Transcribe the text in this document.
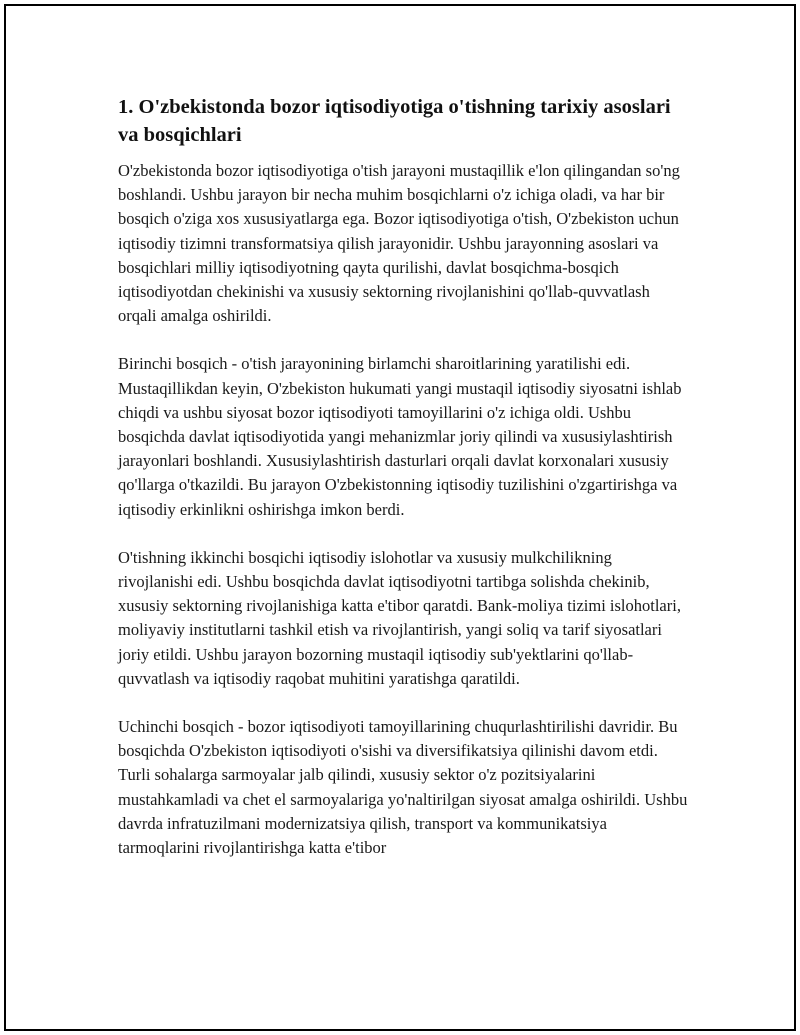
1. O'zbekistonda bozor iqtisodiyotiga o'tishning tarixiy asoslari va bosqichlari

O'zbekistonda bozor iqtisodiyotiga o'tish jarayoni mustaqillik e'lon qilingandan so'ng boshlandi. Ushbu jarayon bir necha muhim bosqichlarni o'z ichiga oladi, va har bir bosqich o'ziga xos xususiyatlarga ega. Bozor iqtisodiyotiga o'tish, O'zbekiston uchun iqtisodiy tizimni transformatsiya qilish jarayonidir. Ushbu jarayonning asoslari va bosqichlari milliy iqtisodiyotning qayta qurilishi, davlat bosqichma-bosqich iqtisodiyotdan chekinishi va xususiy sektorning rivojlanishini qo'llab-quvvatlash orqali amalga oshirildi.

Birinchi bosqich - o'tish jarayonining birlamchi sharoitlarining yaratilishi edi. Mustaqillikdan keyin, O'zbekiston hukumati yangi mustaqil iqtisodiy siyosatni ishlab chiqdi va ushbu siyosat bozor iqtisodiyoti tamoyillarini o'z ichiga oldi. Ushbu bosqichda davlat iqtisodiyotida yangi mehanizmlar joriy qilindi va xususiylashtirish jarayonlari boshlandi. Xususiylashtirish dasturlari orqali davlat korxonalari xususiy qo'llarga o'tkazildi. Bu jarayon O'zbekistonning iqtisodiy tuzilishini o'zgartirishga va iqtisodiy erkinlikni oshirishga imkon berdi.

O'tishning ikkinchi bosqichi iqtisodiy islohotlar va xususiy mulkchilikning rivojlanishi edi. Ushbu bosqichda davlat iqtisodiyotni tartibga solishda chekinib, xususiy sektorning rivojlanishiga katta e'tibor qaratdi. Bank-moliya tizimi islohotlari, moliyaviy institutlarni tashkil etish va rivojlantirish, yangi soliq va tarif siyosatlari joriy etildi. Ushbu jarayon bozorning mustaqil iqtisodiy sub'yektlarini qo'llab-quvvatlash va iqtisodiy raqobat muhitini yaratishga qaratildi.

Uchinchi bosqich - bozor iqtisodiyoti tamoyillarining chuqurlashtirilishi davridir. Bu bosqichda O'zbekiston iqtisodiyoti o'sishi va diversifikatsiya qilinishi davom etdi. Turli sohalarga sarmoyalar jalb qilindi, xususiy sektor o'z pozitsiyalarini mustahkamladi va chet el sarmoyalariga yo'naltirilgan siyosat amalga oshirildi. Ushbu davrda infratuzilmani modernizatsiya qilish, transport va kommunikatsiya tarmoqlarini rivojlantirishga katta e'tibor
